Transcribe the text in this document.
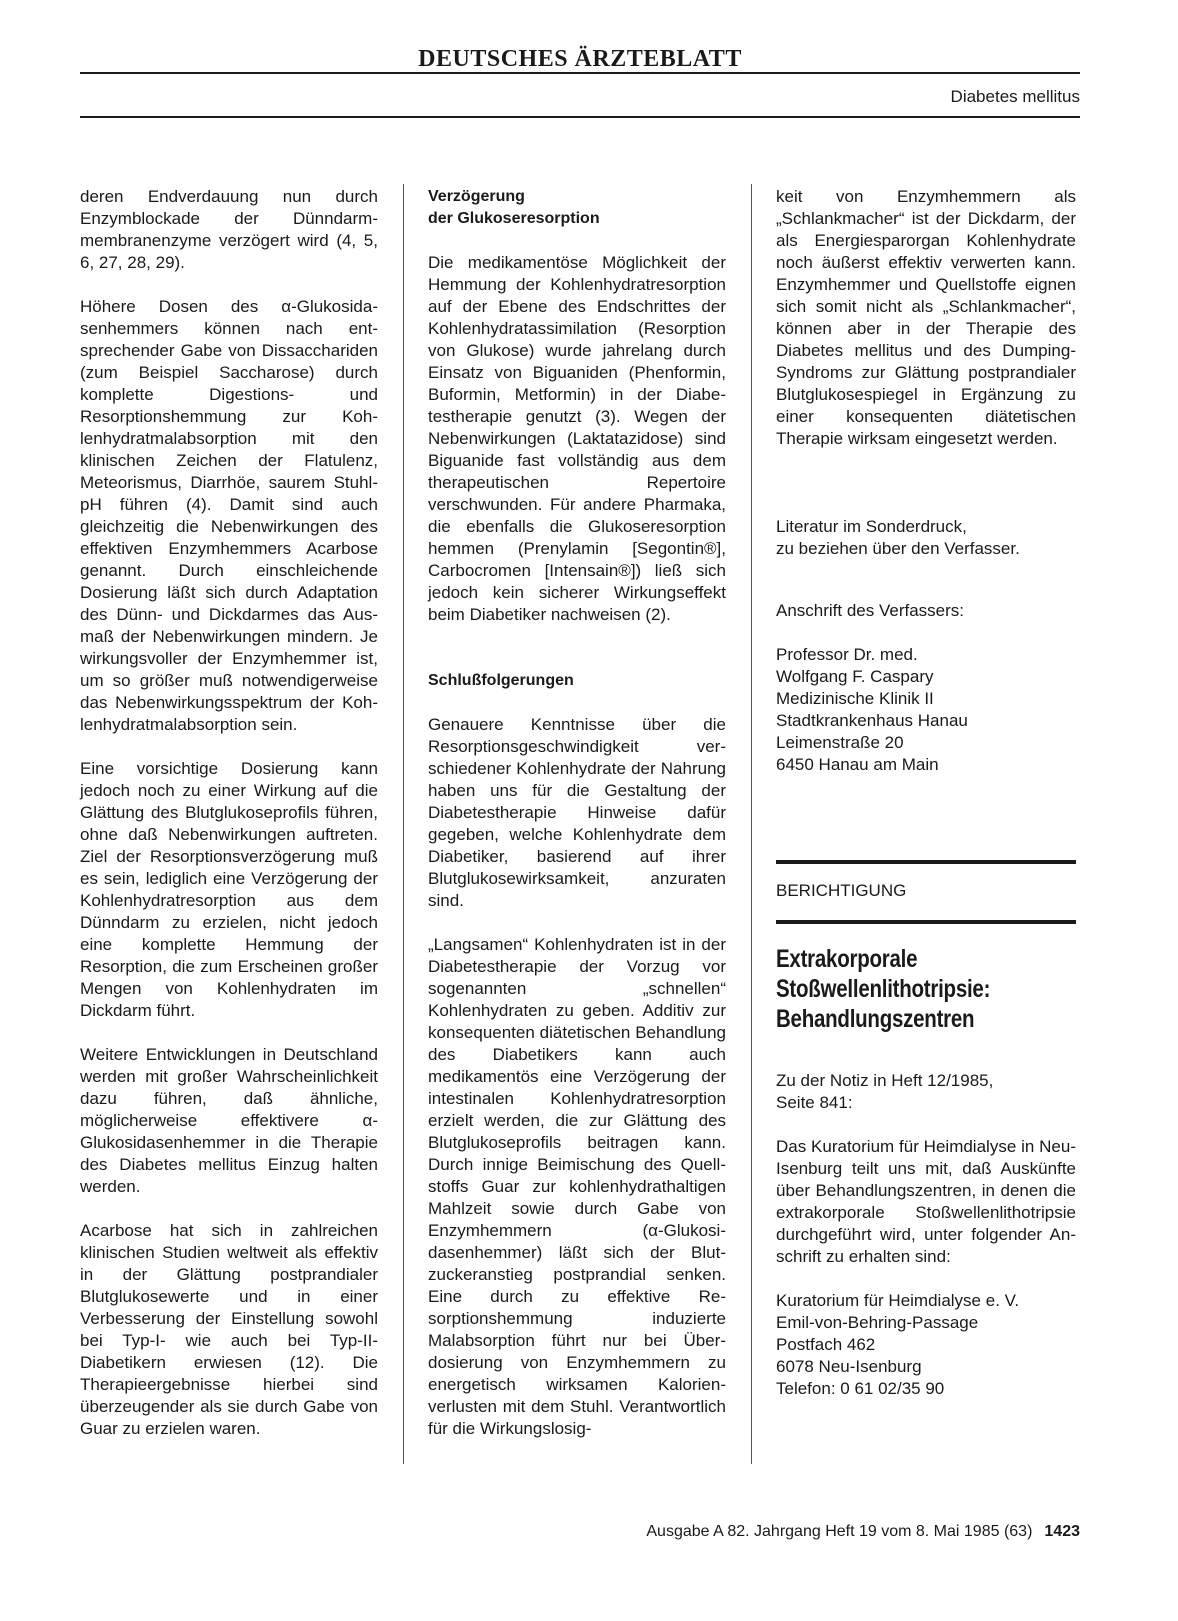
DEUTSCHES ÄRZTEBLATT
Diabetes mellitus

deren Endverdauung nun durch Enzymblockade der Dünndarmmembranenzyme verzögert wird (4, 5, 6, 27, 28, 29).

Höhere Dosen des α-Glukosidasenhemmers können nach entsprechender Gabe von Dissacchariden (zum Beispiel Saccharose) durch komplette Digestions- und Resorptionshemmung zur Kohlenhydratmalabsorption mit den klinischen Zeichen der Flatulenz, Meteorismus, Diarrhöe, saurem Stuhl-pH führen (4). Damit sind auch gleichzeitig die Nebenwirkungen des effektiven Enzymhemmers Acarbose genannt. Durch einschleichende Dosierung läßt sich durch Adaptation des Dünn- und Dickdarmes das Ausmaß der Nebenwirkungen mindern. Je wirkungsvoller der Enzymhemmer ist, um so größer muß notwendigerweise das Nebenwirkungsspektrum der Kohlenhydratmalabsorption sein.

Eine vorsichtige Dosierung kann jedoch noch zu einer Wirkung auf die Glättung des Blutglukoseprofils führen, ohne daß Nebenwirkungen auftreten. Ziel der Resorptionsverzögerung muß es sein, lediglich eine Verzögerung der Kohlenhydratresorption aus dem Dünndarm zu erzielen, nicht jedoch eine komplette Hemmung der Resorption, die zum Erscheinen großer Mengen von Kohlenhydraten im Dickdarm führt.

Weitere Entwicklungen in Deutschland werden mit großer Wahrscheinlichkeit dazu führen, daß ähnliche, möglicherweise effektivere α-Glukosidasenhemmer in die Therapie des Diabetes mellitus Einzug halten werden.

Acarbose hat sich in zahlreichen klinischen Studien weltweit als effektiv in der Glättung postprandialer Blutglukosewerte und in einer Verbesserung der Einstellung sowohl bei Typ-I- wie auch bei Typ-II-Diabetikern erwiesen (12). Die Therapieergebnisse hierbei sind überzeugender als sie durch Gabe von Guar zu erzielen waren.

Verzögerung
der Glukoseresorption

Die medikamentöse Möglichkeit der Hemmung der Kohlenhydratresorption auf der Ebene des Endschrittes der Kohlenhydratassimilation (Resorption von Glukose) wurde jahrelang durch Einsatz von Biguaniden (Phenformin, Buformin, Metformin) in der Diabetestherapie genutzt (3). Wegen der Nebenwirkungen (Laktatazidose) sind Biguanide fast vollständig aus dem therapeutischen Repertoire verschwunden. Für andere Pharmaka, die ebenfalls die Glukoseresorption hemmen (Prenylamin [Segontin®], Carbocromen [Intensain®]) ließ sich jedoch kein sicherer Wirkungseffekt beim Diabetiker nachweisen (2).

Schlußfolgerungen

Genauere Kenntnisse über die Resorptionsgeschwindigkeit verschiedener Kohlenhydrate der Nahrung haben uns für die Gestaltung der Diabetestherapie Hinweise dafür gegeben, welche Kohlenhydrate dem Diabetiker, basierend auf ihrer Blutglukosewirksamkeit, anzuraten sind.

„Langsamen“ Kohlenhydraten ist in der Diabetestherapie der Vorzug vor sogenannten „schnellen“ Kohlenhydraten zu geben. Additiv zur konsequenten diätetischen Behandlung des Diabetikers kann auch medikamentös eine Verzögerung der intestinalen Kohlenhydratresorption erzielt werden, die zur Glättung des Blutglukoseprofils beitragen kann. Durch innige Beimischung des Quellstoffs Guar zur kohlenhydrathaltigen Mahlzeit sowie durch Gabe von Enzymhemmern (α-Glukosidasenhemmer) läßt sich der Blutzuckeranstieg postprandial senken. Eine durch zu effektive Resorptionshemmung induzierte Malabsorption führt nur bei Überdosierung von Enzymhemmern zu energetisch wirksamen Kalorienverlusten mit dem Stuhl. Verantwortlich für die Wirkungslosig-

keit von Enzymhemmern als „Schlankmacher“ ist der Dickdarm, der als Energiesparorgan Kohlenhydrate noch äußerst effektiv verwerten kann. Enzymhemmer und Quellstoffe eignen sich somit nicht als „Schlankmacher“, können aber in der Therapie des Diabetes mellitus und des Dumping-Syndroms zur Glättung postprandialer Blutglukosespiegel in Ergänzung zu einer konsequenten diätetischen Therapie wirksam eingesetzt werden.

Literatur im Sonderdruck,
zu beziehen über den Verfasser.
Anschrift des Verfassers:
Professor Dr. med.
Wolfgang F. Caspary
Medizinische Klinik II
Stadtkrankenhaus Hanau
Leimenstraße 20
6450 Hanau am Main
BERICHTIGUNG
Extrakorporale
Stoßwellenlithotripsie:
Behandlungszentren
Zu der Notiz in Heft 12/1985,
Seite 841:

Das Kuratorium für Heimdialyse in Neu-Isenburg teilt uns mit, daß Auskünfte über Behandlungszentren, in denen die extrakorporale Stoßwellenlithotripsie durchgeführt wird, unter folgender Anschrift zu erhalten sind:

Kuratorium für Heimdialyse e. V.
Emil-von-Behring-Passage
Postfach 462
6078 Neu-Isenburg
Telefon: 0 61 02/35 90
Ausgabe A 82. Jahrgang Heft 19 vom 8. Mai 1985 (63) 1423
